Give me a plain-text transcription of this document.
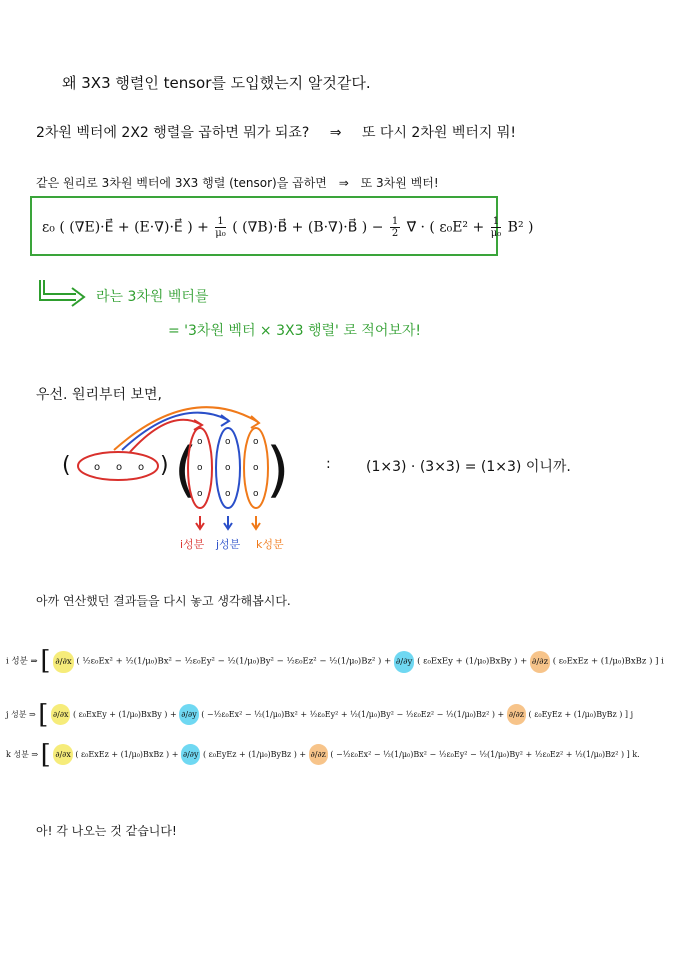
왜 3X3 행렬인 tensor를 도입했는지 알것같다.
2차원 벡터에 2X2 행렬을 곱하면 뭐가 되죠? ⇒ 또 다시 2차원 벡터지 뭐!
같은 원리로 3차원 벡터에 3X3 행렬 (tensor)을 곱하면 ⇒ 또 3차원 벡터!
ε₀ ( (∇E)·E⃗ + (E·∇)·E⃗ ) + $\frac{1}{\text{μ₀}}$ ( (∇B)·B⃗ + (B·∇)·B⃗ ) − $\frac{1}{2}$ ∇⃗ · ( $\varepsilon_0E^2 + \frac{1}{\text{μ₀}} B^2$ )
라는 3차원 벡터를
= '3차원 벡터 × 3X3 행렬' 로 적어보자!
우선. 원리부터 보면,
( o o o ) ( )
o
o
o
o
o
o
o
o
o
i성분 j성분 k성분
:	(1×3) · (3×3) = (1×3) 이니까.
아까 연산했던 결과들을 다시 놓고 생각해봅시다.
i 성분 ⇒ [ ∂/∂x ( ½ε₀Ex² + ½(1/μ₀)Bx² − ½ε₀Ey² − ½(1/μ₀)By² − ½ε₀Ez² − ½(1/μ₀)Bz² ) + ∂/∂y ( ε₀ExEy + (1/μ₀)BxBy ) + ∂/∂z ( ε₀ExEz + (1/μ₀)BxBz ) ] i
j 성분 ⇒ [ ∂/∂x ( ε₀ExEy + (1/μ₀)BxBy ) + ∂/∂y ( −½ε₀Ex² − ½(1/μ₀)Bx² + ½ε₀Ey² + ½(1/μ₀)By² − ½ε₀Ez² − ½(1/μ₀)Bz² ) + ∂/∂z ( ε₀EyEz + (1/μ₀)ByBz ) ] j
k 성분 ⇒ [ ∂/∂x ( ε₀ExEz + (1/μ₀)BxBz ) + ∂/∂y ( ε₀EyEz + (1/μ₀)ByBz ) + ∂/∂z ( −½ε₀Ex² − ½(1/μ₀)Bx² − ½ε₀Ey² − ½(1/μ₀)By² + ½ε₀Ez² + ½(1/μ₀)Bz² ) ] k.
아! 각 나오는 것 같습니다!
